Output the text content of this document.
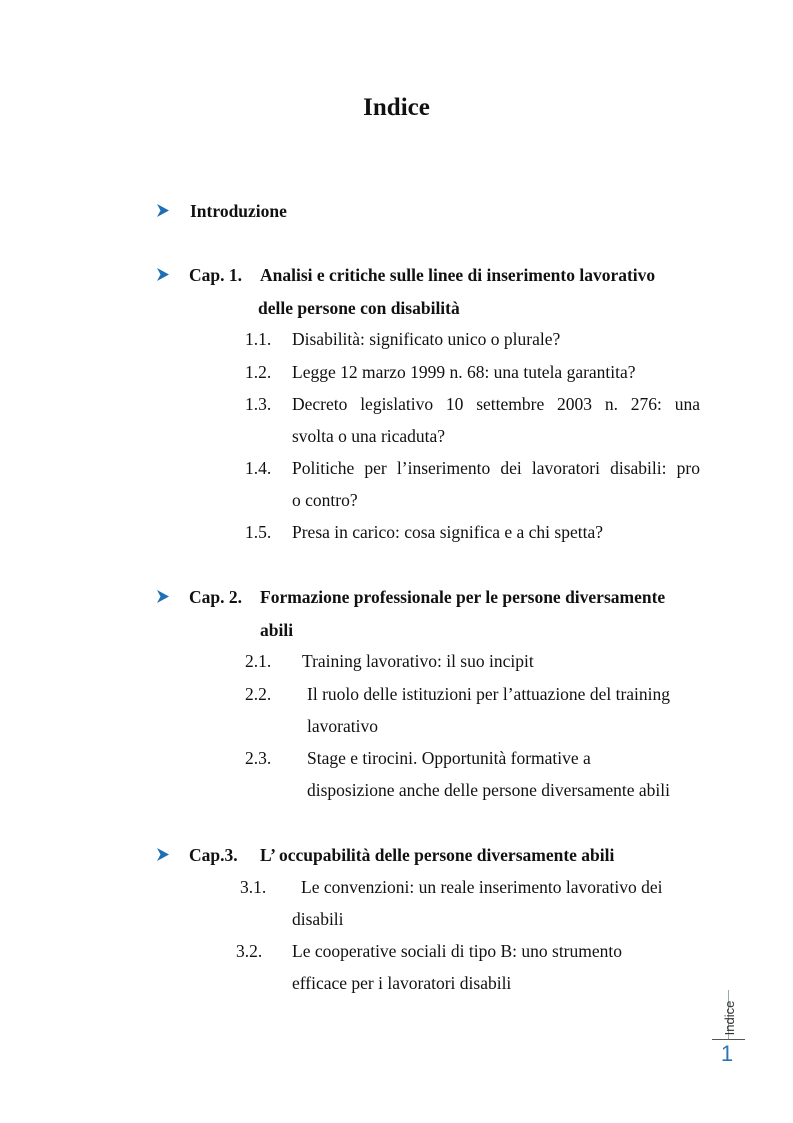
Indice
Introduzione
Cap. 1. Analisi e critiche sulle linee di inserimento lavorativo
delle persone con disabilità
1.1. Disabilità: significato unico o plurale?
1.2. Legge 12 marzo 1999 n. 68: una tutela garantita?
1.3. Decreto legislativo 10 settembre 2003 n. 276: una
svolta o una ricaduta?
1.4. Politiche per l’inserimento dei lavoratori disabili: pro
o contro?
1.5. Presa in carico: cosa significa e a chi spetta?
Cap. 2. Formazione professionale per le persone diversamente
abili
2.1. Training lavorativo: il suo incipit
2.2. Il ruolo delle istituzioni per l’attuazione del training
lavorativo
2.3. Stage e tirocini. Opportunità formative a
disposizione anche delle persone diversamente abili
Cap.3. L’ occupabilità delle persone diversamente abili
3.1. Le convenzioni: un reale inserimento lavorativo dei
disabili
3.2. Le cooperative sociali di tipo B: uno strumento
efficace per i lavoratori disabili
Indice
1
